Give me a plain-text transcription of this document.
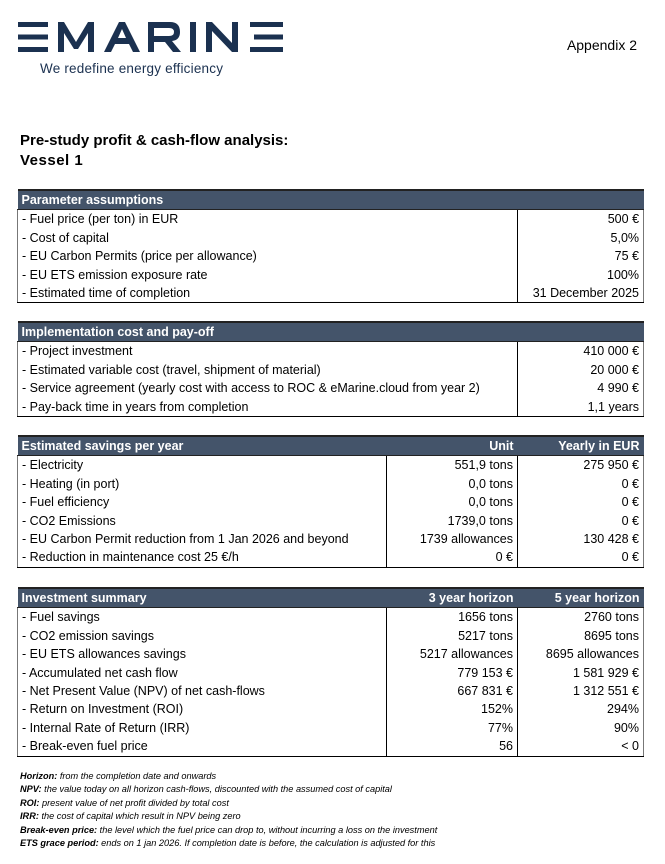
We redefine energy efficiency
Appendix 2
Pre-study profit & cash-flow analysis:
Vessel 1
Parameter assumptions	
- Fuel price (per ton) in EUR	500 €
- Cost of capital	5,0%
- EU Carbon Permits (price per allowance)	75 €
- EU ETS emission exposure rate	100%
- Estimated time of completion	31 December 2025
Implementation cost and pay-off	
- Project investment	410 000 €
- Estimated variable cost (travel, shipment of material)	20 000 €
- Service agreement (yearly cost with access to ROC & eMarine.cloud from year 2)	4 990 €
- Pay-back time in years from completion	1,1 years
Estimated savings per year	Unit	Yearly in EUR
- Electricity	551,9 tons	275 950 €
- Heating (in port)	0,0 tons	0 €
- Fuel efficiency	0,0 tons	0 €
- CO2 Emissions	1739,0 tons	0 €
- EU Carbon Permit reduction from 1 Jan 2026 and beyond	1739 allowances	130 428 €
- Reduction in maintenance cost 25 €/h	0 €	0 €
Investment summary	3 year horizon	5 year horizon
- Fuel savings	1656 tons	2760 tons
- CO2 emission savings	5217 tons	8695 tons
- EU ETS allowances savings	5217 allowances	8695 allowances
- Accumulated net cash flow	779 153 €	1 581 929 €
- Net Present Value (NPV) of net cash-flows	667 831 €	1 312 551 €
- Return on Investment (ROI)	152%	294%
- Internal Rate of Return (IRR)	77%	90%
- Break-even fuel price	56	< 0
Horizon: from the completion date and onwards
NPV: the value today on all horizon cash-flows, discounted with the assumed cost of capital
ROI: present value of net profit divided by total cost
IRR: the cost of capital which result in NPV being zero
Break-even price: the level which the fuel price can drop to, without incurring a loss on the investment
ETS grace period: ends on 1 jan 2026. If completion date is before, the calculation is adjusted for this
